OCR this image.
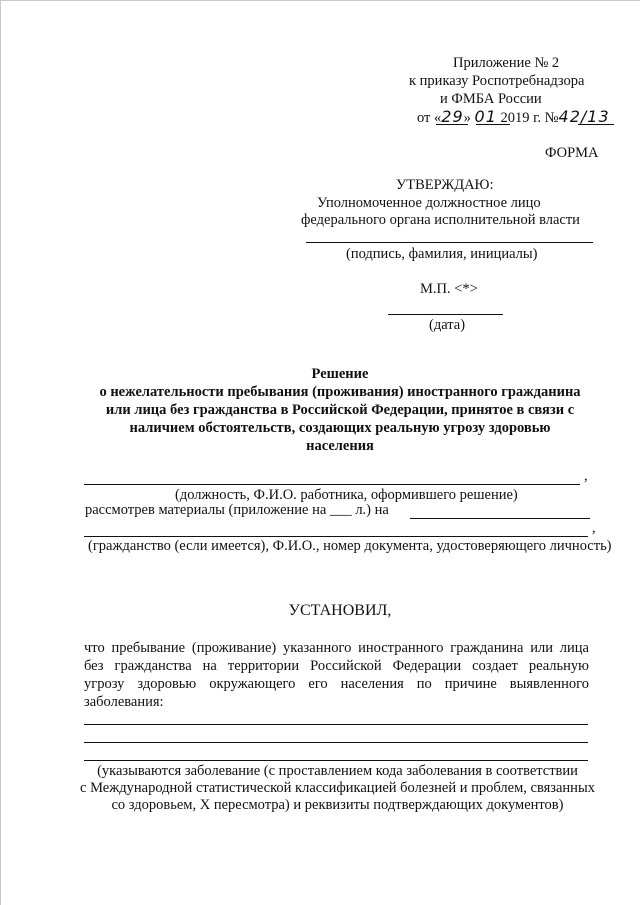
Приложение № 2
к приказу Роспотребнадзора
и ФМБА России
от «29» 01 2019 г. №42/13
ФОРМА
УТВЕРЖДАЮ:
Уполномоченное должностное лицо
федерального органа исполнительной власти
(подпись, фамилия, инициалы)
М.П. <*>
(дата)
Решение
о нежелательности пребывания (проживания) иностранного гражданина
или лица без гражданства в Российской Федерации, принятое в связи с
наличием обстоятельств, создающих реальную угрозу здоровью
населения
,
(должность, Ф.И.О. работника, оформившего решение)
рассмотрев материалы (приложение на ___ л.) на
,
(гражданство (если имеется), Ф.И.О., номер документа, удостоверяющего личность)
УСТАНОВИЛ,
что пребывание (проживание) указанного иностранного гражданина или лица
без гражданства на территории Российской Федерации создает реальную
угрозу здоровью окружающего его населения по причине выявленного
заболевания:
(указываются заболевание (с проставлением кода заболевания в соответствии
с Международной статистической классификацией болезней и проблем, связанных
со здоровьем, X пересмотра) и реквизиты подтверждающих документов)
